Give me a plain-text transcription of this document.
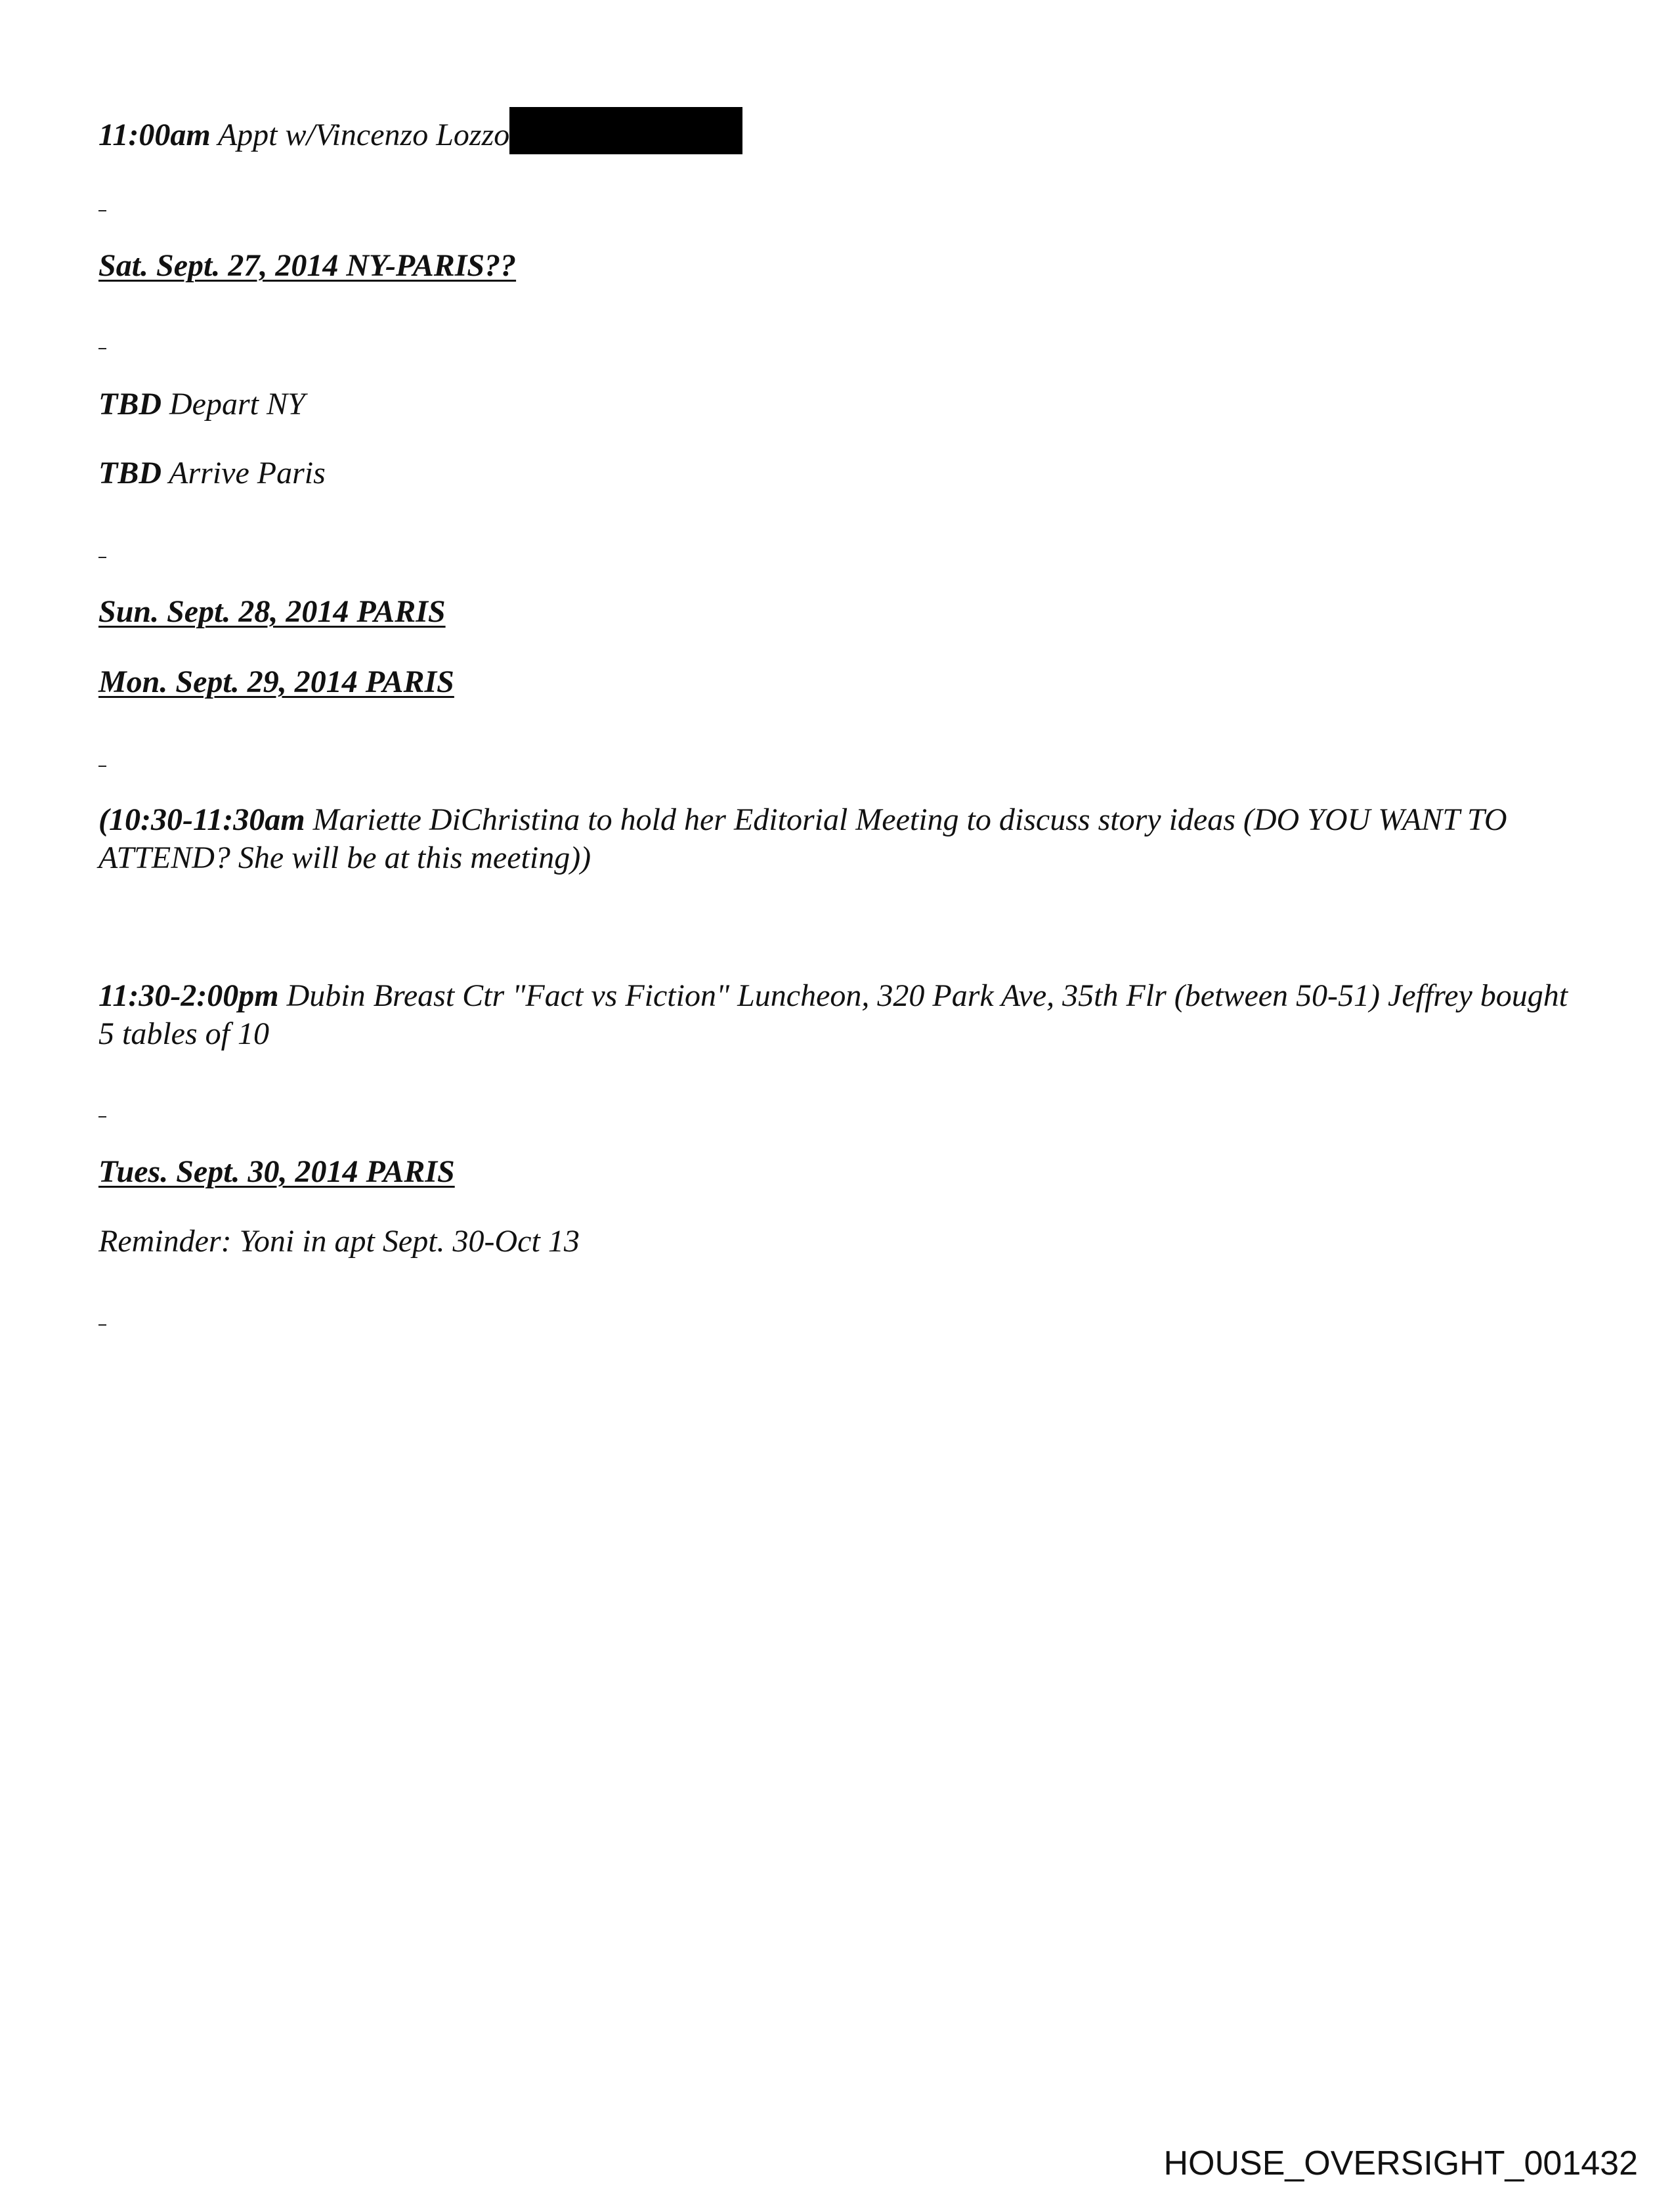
11:00am Appt w/Vincenzo Lozzo
Sat. Sept. 27, 2014 NY-PARIS??
TBD Depart NY
TBD Arrive Paris
Sun. Sept. 28, 2014 PARIS
Mon. Sept. 29, 2014 PARIS
(10:30-11:30am Mariette DiChristina to hold her Editorial Meeting to discuss story ideas (DO YOU WANT TO ATTEND? She will be at this meeting))
11:30-2:00pm Dubin Breast Ctr "Fact vs Fiction" Luncheon, 320 Park Ave, 35th Flr (between 50-51) Jeffrey bought 5 tables of 10
Tues. Sept. 30, 2014 PARIS
Reminder: Yoni in apt Sept. 30-Oct 13
HOUSE_OVERSIGHT_001432
